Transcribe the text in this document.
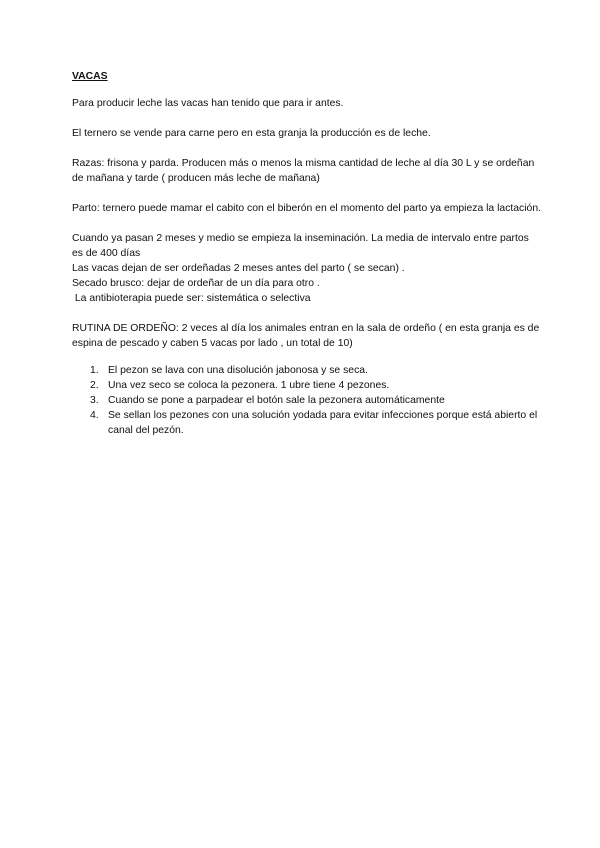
VACAS

Para producir leche las vacas han tenido que para ir antes.

El ternero se vende para carne pero en esta granja la producción es de leche.

Razas: frisona y parda. Producen más o menos la misma cantidad de leche al día 30 L y se ordeñan de mañana y tarde ( producen más leche de mañana)

Parto: ternero puede mamar el cabito con el biberón en el momento del parto ya empieza la lactación.

Cuando ya pasan 2 meses y medio se empieza la inseminación. La media de intervalo entre partos es de 400 días
Las vacas dejan de ser ordeñadas 2 meses antes del parto ( se secan) .
Secado brusco: dejar de ordeñar de un día para otro .
La antibioterapia puede ser: sistemática o selectiva

RUTINA DE ORDEÑO: 2 veces al día los animales entran en la sala de ordeño ( en esta granja es de espina de pescado y caben 5 vacas por lado , un total de 10)

1. El pezon se lava con una disolución jabonosa y se seca.
2. Una vez seco se coloca la pezonera. 1 ubre tiene 4 pezones.
3. Cuando se pone a parpadear el botón sale la pezonera automáticamente
4. Se sellan los pezones con una solución yodada para evitar infecciones porque está abierto el canal del pezón.
